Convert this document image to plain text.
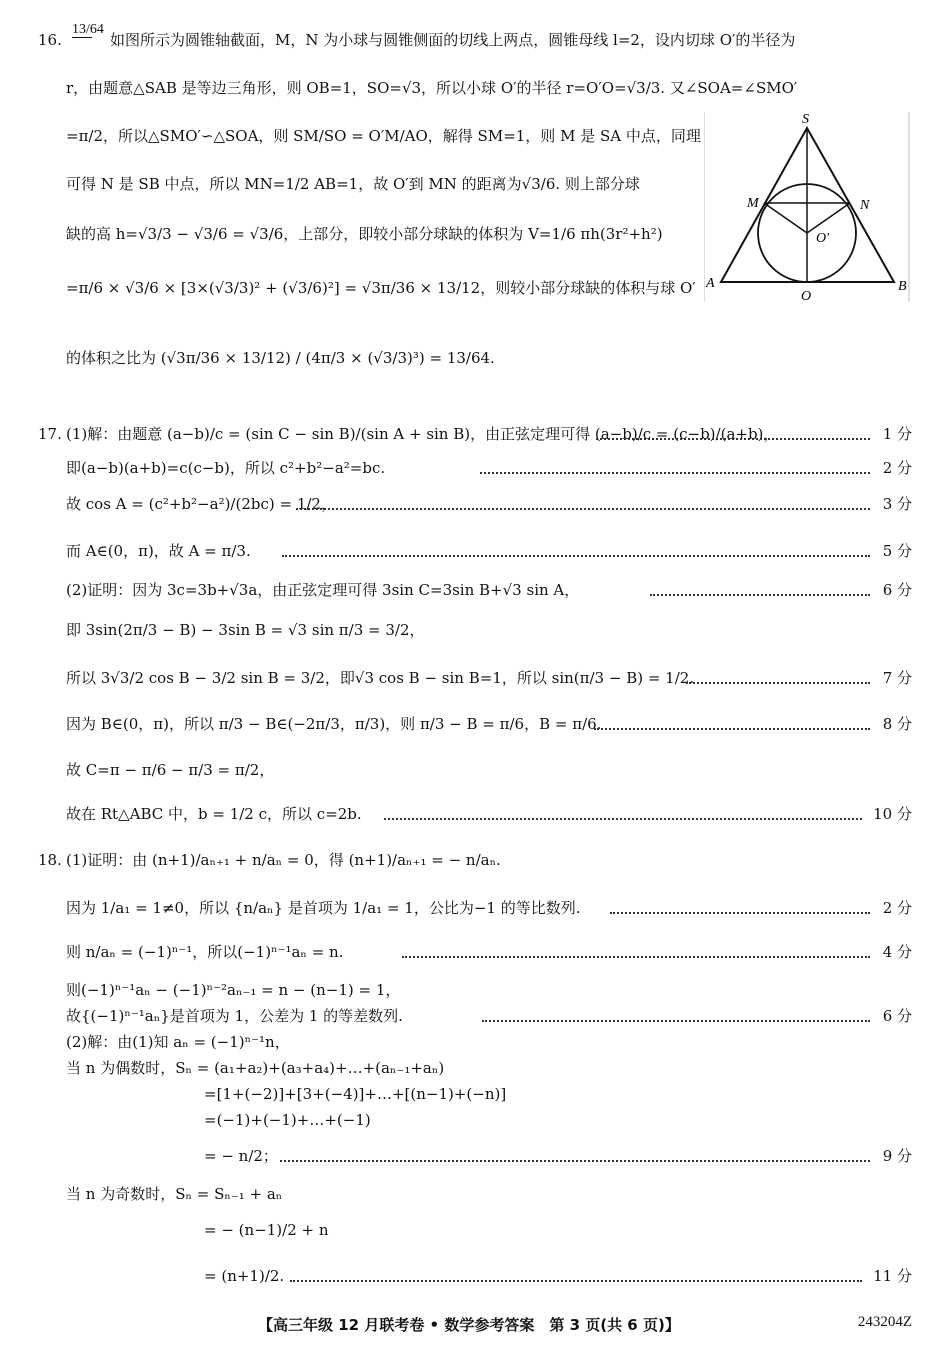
16.
13/64
如图所示为圆锥轴截面，M，N 为小球与圆锥侧面的切线上两点，圆锥母线 l=2，设内切球 O′的半径为
r，由题意△SAB 是等边三角形，则 OB=1，SO=√3，所以小球 O′的半径 r=O′O=√3/3. 又∠SOA=∠SMO′
=π/2，所以△SMO′∽△SOA，则 SM/SO = O′M/AO，解得 SM=1，则 M 是 SA 中点，同理
可得 N 是 SB 中点，所以 MN=1/2 AB=1，故 O′到 MN 的距离为√3/6. 则上部分球
缺的高 h=√3/3 − √3/6 = √3/6，上部分，即较小部分球缺的体积为 V=1/6 πh(3r²+h²)
=π/6 × √3/6 × [3×(√3/3)² + (√3/6)²] = √3π/36 × 13/12，则较小部分球缺的体积与球 O′
的体积之比为 (√3π/36 × 13/12) / (4π/3 × (√3/3)³) = 13/64.
S
M	N
O′
A
O
B
17. (1)解：由题意 (a−b)/c = (sin C − sin B)/(sin A + sin B)，由正弦定理可得 (a−b)/c = (c−b)/(a+b)，	1 分
即(a−b)(a+b)=c(c−b)，所以 c²+b²−a²=bc.	2 分
故 cos A = (c²+b²−a²)/(2bc) = 1/2，	3 分
而 A∈(0，π)，故 A = π/3.	5 分
(2)证明：因为 3c=3b+√3a，由正弦定理可得 3sin C=3sin B+√3 sin A，	6 分
即 3sin(2π/3 − B) − 3sin B = √3 sin π/3 = 3/2，
所以 3√3/2 cos B − 3/2 sin B = 3/2，即√3 cos B − sin B=1，所以 sin(π/3 − B) = 1/2.	7 分
因为 B∈(0，π)，所以 π/3 − B∈(−2π/3，π/3)，则 π/3 − B = π/6，B = π/6.	8 分
故 C=π − π/6 − π/3 = π/2，
故在 Rt△ABC 中，b = 1/2 c，所以 c=2b.	10 分
18. (1)证明：由 (n+1)/aₙ₊₁ + n/aₙ = 0，得 (n+1)/aₙ₊₁ = − n/aₙ.
因为 1/a₁ = 1≠0，所以 {n/aₙ} 是首项为 1/a₁ = 1，公比为−1 的等比数列.	2 分
则 n/aₙ = (−1)ⁿ⁻¹，所以(−1)ⁿ⁻¹aₙ = n.	4 分
则(−1)ⁿ⁻¹aₙ − (−1)ⁿ⁻²aₙ₋₁ = n − (n−1) = 1，
故{(−1)ⁿ⁻¹aₙ}是首项为 1，公差为 1 的等差数列.	6 分
(2)解：由(1)知 aₙ = (−1)ⁿ⁻¹n，
当 n 为偶数时，Sₙ = (a₁+a₂)+(a₃+a₄)+…+(aₙ₋₁+aₙ)
=[1+(−2)]+[3+(−4)]+…+[(n−1)+(−n)]
=(−1)+(−1)+…+(−1)
= − n/2；	9 分
当 n 为奇数时，Sₙ = Sₙ₋₁ + aₙ
= − (n−1)/2 + n
= (n+1)/2.	11 分
【高三年级 12 月联考卷 • 数学参考答案　第 3 页(共 6 页)】	243204Z
